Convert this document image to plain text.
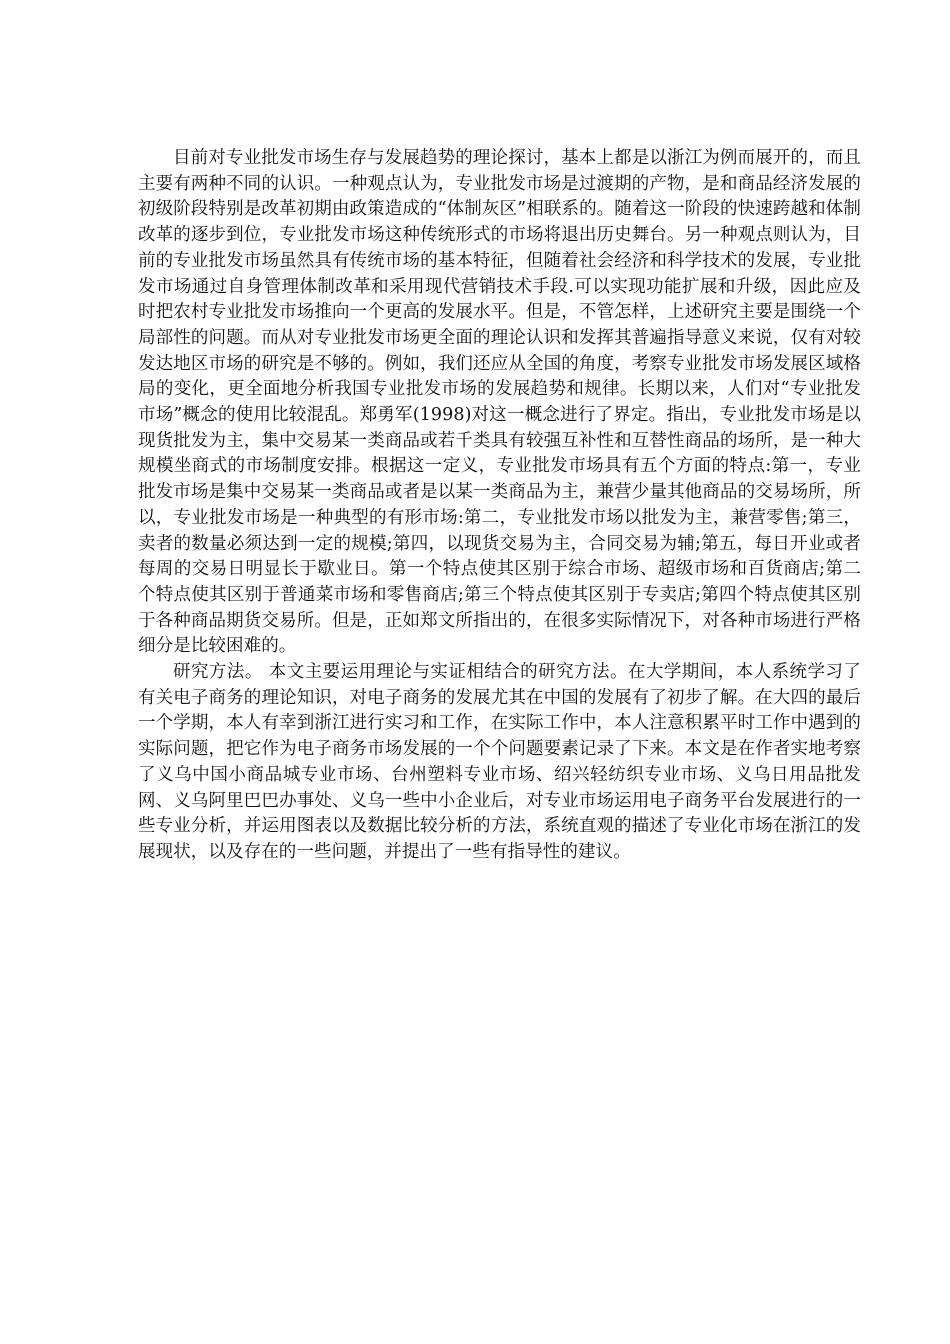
目前对专业批发市场生存与发展趋势的理论探讨，基本上都是以浙江为例而展开的，而且主要有两种不同的认识。一种观点认为，专业批发市场是过渡期的产物，是和商品经济发展的初级阶段特别是改革初期由政策造成的“体制灰区”相联系的。随着这一阶段的快速跨越和体制改革的逐步到位，专业批发市场这种传统形式的市场将退出历史舞台。另一种观点则认为，目前的专业批发市场虽然具有传统市场的基本特征，但随着社会经济和科学技术的发展，专业批发市场通过自身管理体制改革和采用现代营销技术手段.可以实现功能扩展和升级，因此应及时把农村专业批发市场推向一个更高的发展水平。但是，不管怎样，上述研究主要是围绕一个局部性的问题。而从对专业批发市场更全面的理论认识和发挥其普遍指导意义来说，仅有对较发达地区市场的研究是不够的。例如，我们还应从全国的角度，考察专业批发市场发展区域格局的变化，更全面地分析我国专业批发市场的发展趋势和规律。长期以来，人们对“专业批发市场”概念的使用比较混乱。郑勇军(1998)对这一概念进行了界定。指出，专业批发市场是以现货批发为主，集中交易某一类商品或若千类具有较强互补性和互替性商品的场所，是一种大规模坐商式的市场制度安排。根据这一定义，专业批发市场具有五个方面的特点:第一，专业批发市场是集中交易某一类商品或者是以某一类商品为主，兼营少量其他商品的交易场所，所以，专业批发市场是一种典型的有形市场:第二，专业批发市场以批发为主，兼营零售;第三，卖者的数量必须达到一定的规模;第四，以现货交易为主，合同交易为辅;第五，每日开业或者每周的交易日明显长于歇业日。第一个特点使其区别于综合市场、超级市场和百货商店;第二个特点使其区别于普通菜市场和零售商店;第三个特点使其区别于专卖店;第四个特点使其区别于各种商品期货交易所。但是，正如郑文所指出的，在很多实际情况下，对各种市场进行严格细分是比较困难的。

研究方法。 本文主要运用理论与实证相结合的研究方法。在大学期间，本人系统学习了有关电子商务的理论知识，对电子商务的发展尤其在中国的发展有了初步了解。在大四的最后一个学期，本人有幸到浙江进行实习和工作，在实际工作中，本人注意积累平时工作中遇到的实际问题，把它作为电子商务市场发展的一个个问题要素记录了下来。本文是在作者实地考察了义乌中国小商品城专业市场、台州塑料专业市场、绍兴轻纺织专业市场、义乌日用品批发网、义乌阿里巴巴办事处、义乌一些中小企业后，对专业市场运用电子商务平台发展进行的一些专业分析，并运用图表以及数据比较分析的方法，系统直观的描述了专业化市场在浙江的发展现状，以及存在的一些问题，并提出了一些有指导性的建议。
